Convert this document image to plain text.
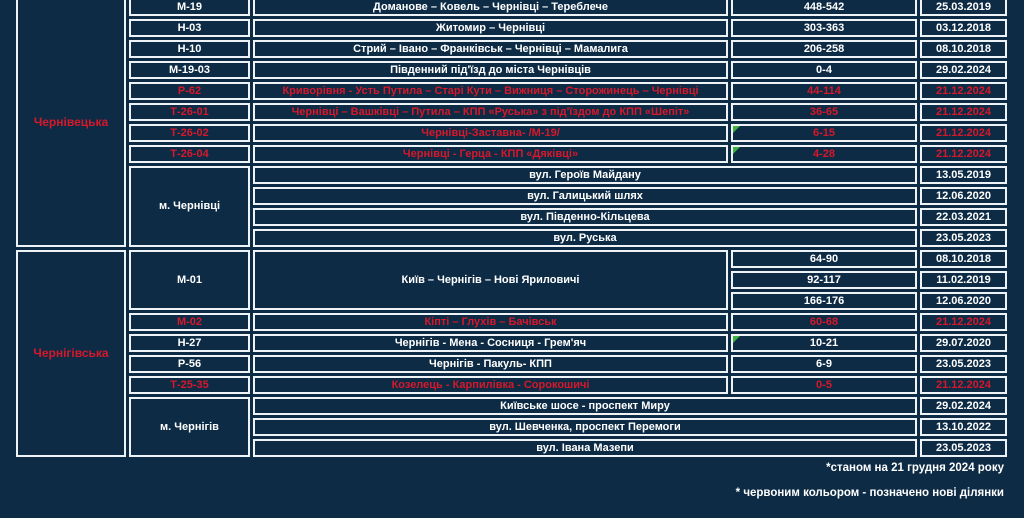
Чернівецька	М-19	Доманове – Ковель – Чернівці – Тереблече	448-542	25.03.2019
	Н-03	Житомир – Чернівці	303-363	03.12.2018
	Н-10	Стрий – Івано – Франківськ – Чернівці – Мамалига	206-258	08.10.2018
	М-19-03	Південний під'їзд до міста Чернівців	0-4	29.02.2024
	Р-62	Криворівня - Усть Путила – Старі Кути – Вижниця – Сторожинець – Чернівці	44-114	21.12.2024
	Т-26-01	Чернівці – Вашківці – Путила – КПП «Руська» з під'їздом до КПП «Шепіт»	36-65	21.12.2024
	Т-26-02	Чернівці-Заставна- /М-19/	6-15	21.12.2024
	Т-26-04	Чернівці - Герца - КПП «Дяківці»	4-28	21.12.2024
	м. Чернівці	вул. Героїв Майдану		13.05.2019
		вул. Галицький шлях		12.06.2020
		вул. Південно-Кільцева		22.03.2021
		вул. Руська		23.05.2023
Чернігівська	М-01	Київ – Чернігів – Нові Яриловичі	64-90	08.10.2018
			92-117	11.02.2019
			166-176	12.06.2020
	М-02	Кіпті – Глухів – Бачівськ	60-68	21.12.2024
	Н-27	Чернігів - Мена - Сосниця - Грем'яч	10-21	29.07.2020
	Р-56	Чернігів - Пакуль- КПП	6-9	23.05.2023
	Т-25-35	Козелець - Карпилівка - Сорокошичі	0-5	21.12.2024
	м. Чернігів	Київське шосе - проспект Миру		29.02.2024
		вул. Шевченка, проспект Перемоги		13.10.2022
		вул. Івана Мазепи		23.05.2023
*станом на 21 грудня 2024 року
* червоним кольором - позначено нові ділянки
